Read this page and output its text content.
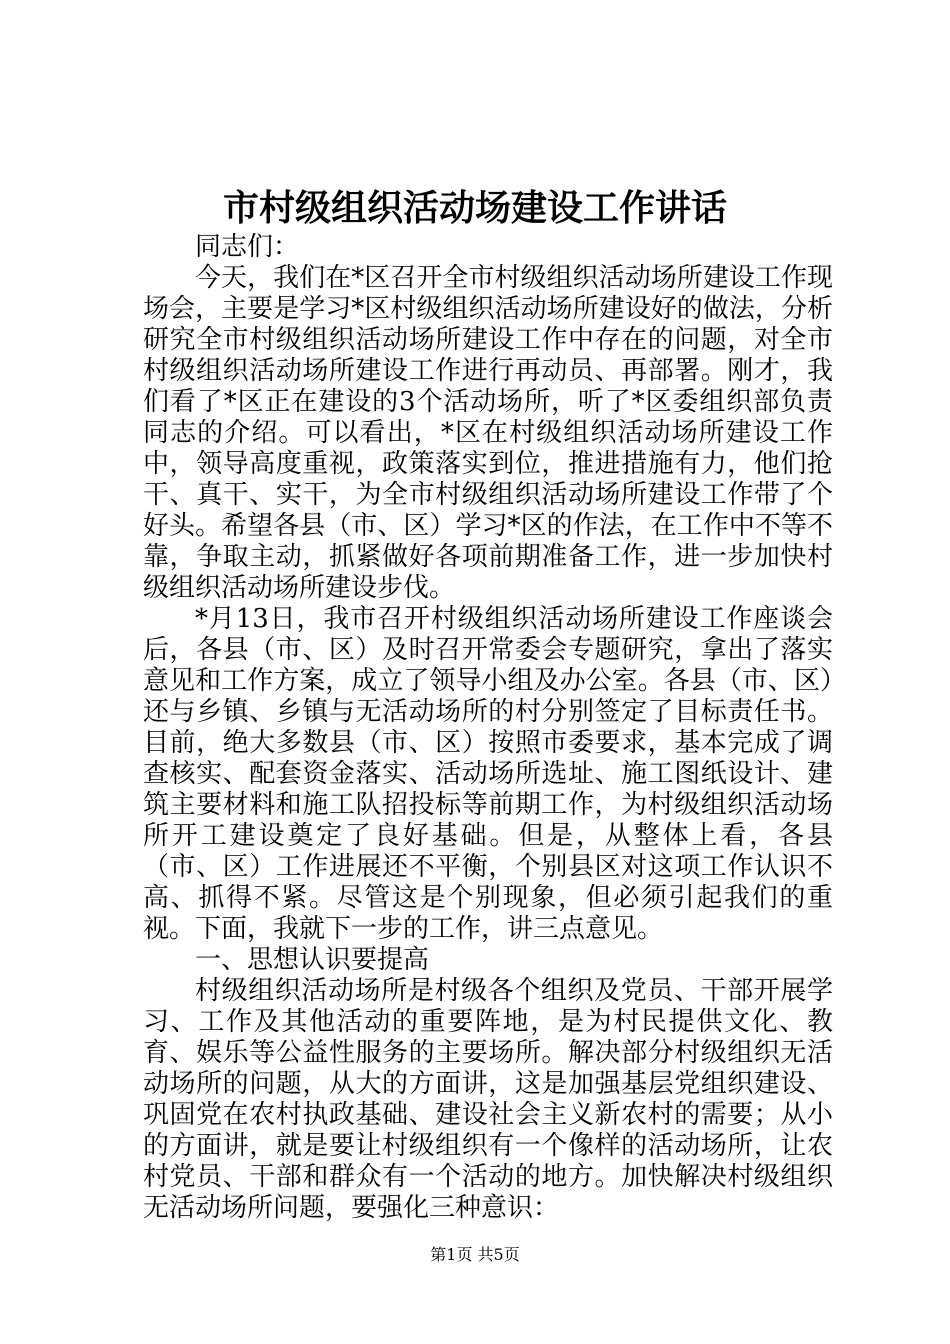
市村级组织活动场建设工作讲话

同志们：

今天，我们在*区召开全市村级组织活动场所建设工作现场会，主要是学习*区村级组织活动场所建设好的做法，分析研究全市村级组织活动场所建设工作中存在的问题，对全市村级组织活动场所建设工作进行再动员、再部署。刚才，我们看了*区正在建设的3个活动场所，听了*区委组织部负责同志的介绍。可以看出，*区在村级组织活动场所建设工作中，领导高度重视，政策落实到位，推进措施有力，他们抢干、真干、实干，为全市村级组织活动场所建设工作带了个好头。希望各县（市、区）学习*区的作法，在工作中不等不靠，争取主动，抓紧做好各项前期准备工作，进一步加快村级组织活动场所建设步伐。

*月13日，我市召开村级组织活动场所建设工作座谈会后，各县（市、区）及时召开常委会专题研究，拿出了落实意见和工作方案，成立了领导小组及办公室。各县（市、区）还与乡镇、乡镇与无活动场所的村分别签定了目标责任书。目前，绝大多数县（市、区）按照市委要求，基本完成了调查核实、配套资金落实、活动场所选址、施工图纸设计、建筑主要材料和施工队招投标等前期工作，为村级组织活动场所开工建设奠定了良好基础。但是，从整体上看，各县（市、区）工作进展还不平衡，个别县区对这项工作认识不高、抓得不紧。尽管这是个别现象，但必须引起我们的重视。下面，我就下一步的工作，讲三点意见。

一、思想认识要提高

村级组织活动场所是村级各个组织及党员、干部开展学习、工作及其他活动的重要阵地，是为村民提供文化、教育、娱乐等公益性服务的主要场所。解决部分村级组织无活动场所的问题，从大的方面讲，这是加强基层党组织建设、巩固党在农村执政基础、建设社会主义新农村的需要；从小的方面讲，就是要让村级组织有一个像样的活动场所，让农村党员、干部和群众有一个活动的地方。加快解决村级组织无活动场所问题，要强化三种意识：

第1页 共5页
